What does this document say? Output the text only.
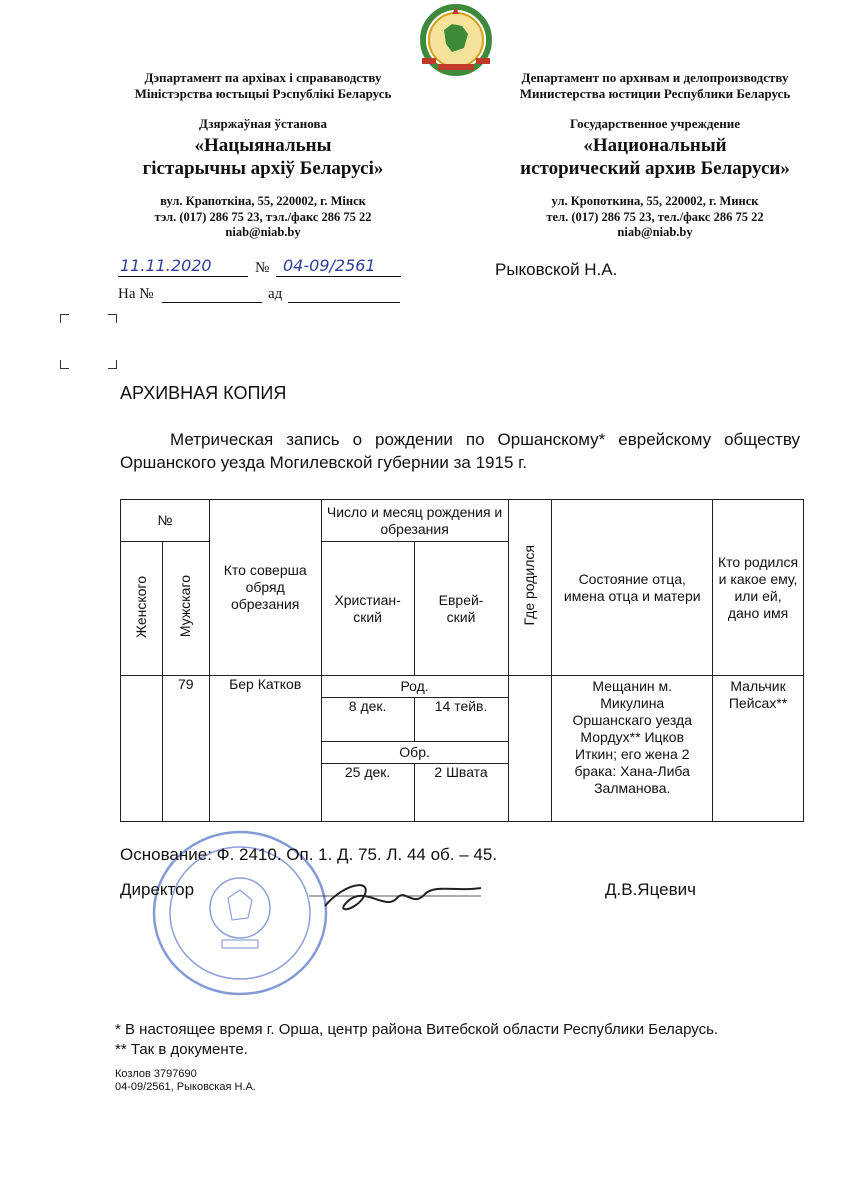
Дэпартамент па архівах і справаводству
Міністэрства юстыцыі Рэспублікі Беларусь
Дзяржаўная ўстанова
«Нацыянальны
гістарычны архіў Беларусі»
вул. Крапоткіна, 55, 220002, г. Мінск
тэл. (017) 286 75 23, тэл./факс 286 75 22
niab@niab.by
Департамент по архивам и делопроизводству
Министерства юстиции Республики Беларусь
Государственное учреждение
«Национальный
исторический архив Беларуси»
ул. Кропоткина, 55, 220002, г. Минск
тел. (017) 286 75 23, тел./факс 286 75 22
niab@niab.by
11.11.2020	№ 04-09/2561
На №	ад
Рыковской Н.А.
АРХИВНАЯ КОПИЯ
Метрическая запись о рождении по Оршанскому* еврейскому обществу Оршанского уезда Могилевской губернии за 1915 г.
№		Кто совершa обряд обрезания	Число и месяц рождения и обрезания		Где родился	Состояние отца, имена отца и матери	Кто родился и какое ему, или ей, дано имя
Женского	Мужскаго		Христиан-ский	Еврей-ский			
	79	Бер Катков	Род.			Мещанин м. Микулина Оршанскаго уезда Мордух** Ицков Иткин; его жена 2 брака: Хана-Либа Залманова.	Мальчик Пейсах**
			8 дек.	14 тейв.			
			Обр.				
			25 дек.	2 Швата			
Основание: Ф. 2410. Оп. 1. Д. 75. Л. 44 об. – 45.
Директор	Д.В.Яцевич
* В настоящее время г. Орша, центр района Витебской области Республики Беларусь.
** Так в документе.
Козлов 3797690
04-09/2561, Рыковская Н.А.
